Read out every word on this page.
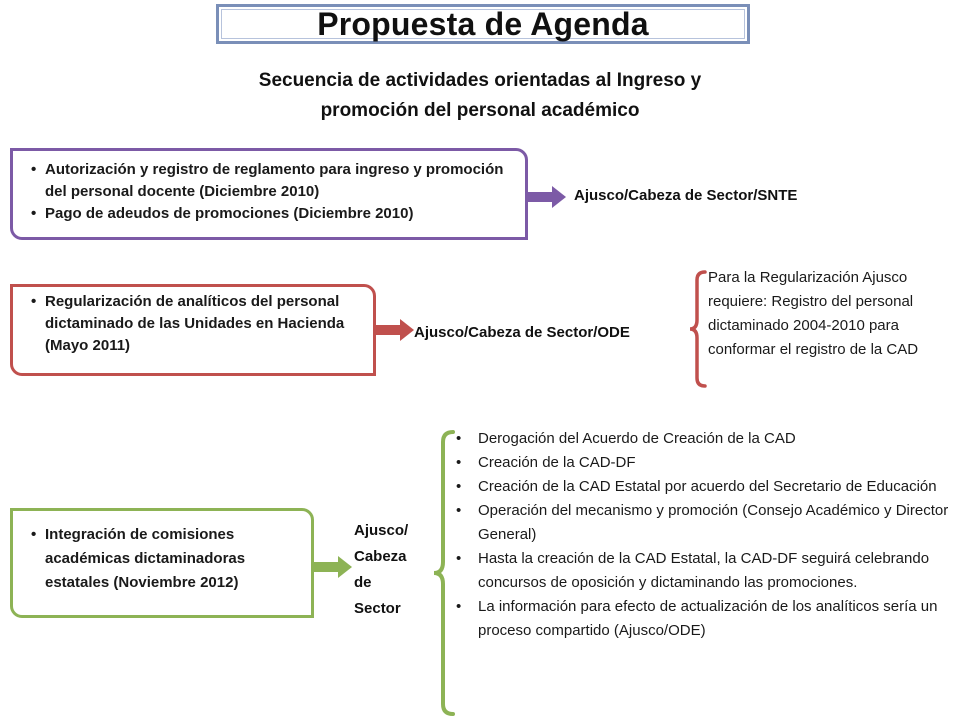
Propuesta de Agenda
Secuencia de actividades orientadas al Ingreso y
promoción del personal académico
• Autorización y registro de reglamento para ingreso y promoción del personal docente (Diciembre 2010)
• Pago de adeudos de promociones (Diciembre 2010)
Ajusco/Cabeza de Sector/SNTE
• Regularización de analíticos del personal dictaminado de las Unidades en Hacienda (Mayo 2011)
Ajusco/Cabeza de Sector/ODE
Para la Regularización Ajusco requiere: Registro del personal dictaminado 2004-2010 para conformar el registro de la CAD
• Integración de comisiones académicas dictaminadoras estatales (Noviembre 2012)
Ajusco/
Cabeza
de
Sector
• Derogación del Acuerdo de Creación de la CAD
• Creación de la CAD-DF
• Creación de la CAD Estatal por acuerdo del Secretario de Educación
• Operación del mecanismo y promoción (Consejo Académico y Director General)
• Hasta la creación de la CAD Estatal, la CAD-DF seguirá celebrando concursos de oposición y dictaminando las promociones.
• La información para efecto de actualización de los analíticos sería un proceso compartido (Ajusco/ODE)
